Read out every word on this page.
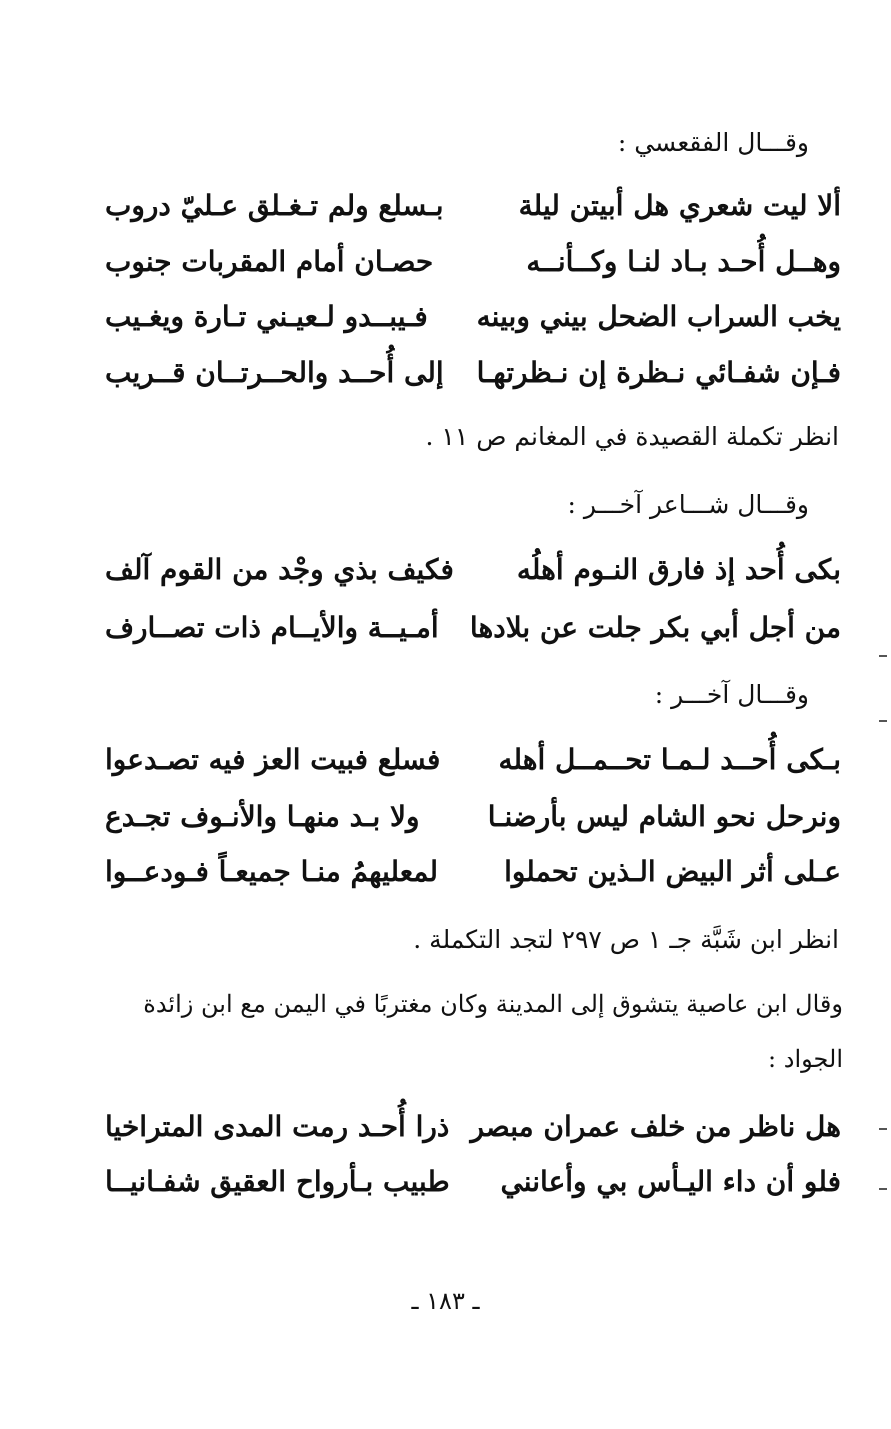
وقـــال الفقعسي :
ألا ليت شعري هل أبيتن ليلة
بـسلع ولم تـغـلق عـليّ دروب
وهــل أُحـد بـاد لنـا وكــأنــه
حصـان أمام المقربات جنوب
يخب السراب الضحل بيني وبينه
فـيبــدو لـعيـني تـارة ويغـيب
فـإن شفـائي نـظرة إن نـظرتهـا
إلى أُحــد والحــرتــان قــريب
انظر تكملة القصيدة في المغانم ص ١١ .
وقـــال شـــاعر آخـــر :
بكى أُحد إذ فارق النـوم أهلُه
فكيف بذي وجْد من القوم آلف
من أجل أبي بكر جلت عن بلادها
أمـيــة والأيــام ذات تصــارف
وقـــال آخـــر :
بـكى أُحــد لـمـا تحــمــل أهله
فسلع فبيت العز فيه تصـدعوا
ونرحل نحو الشام ليس بأرضنـا
ولا بـد منهـا والأنـوف تجـدع
عـلى أثر البيض الـذين تحملوا
لمعليهمُ منـا جميعـاً فـودعــوا
انظر ابن شَبَّة جـ ١ ص ٢٩٧ لتجد التكملة .
وقال ابن عاصية يتشوق إلى المدينة وكان مغتربًا في اليمن مع ابن زائدة
الجواد :
هل ناظر من خلف عمران مبصر
ذرا أُحـد رمت المدى المتراخيا
فلو أن داء اليـأس بي وأعانني
طبيب بـأرواح العقيق شفـانيــا
ـ ١٨٣ ـ
